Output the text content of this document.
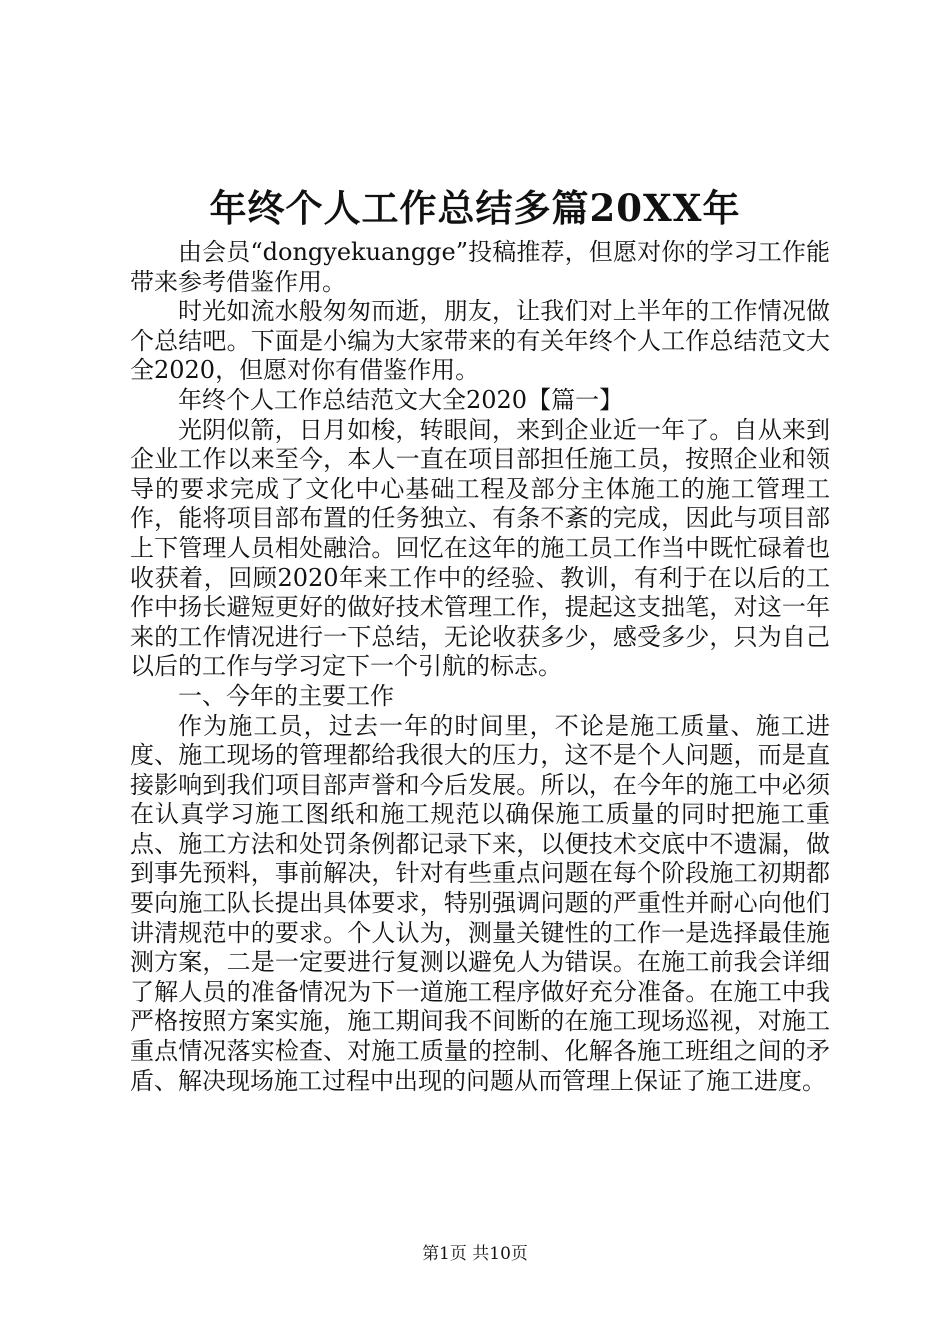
年终个人工作总结多篇20XX年

由会员“dongyekuangge”投稿推荐，但愿对你的学习工作能带来参考借鉴作用。

时光如流水般匆匆而逝，朋友，让我们对上半年的工作情况做个总结吧。下面是小编为大家带来的有关年终个人工作总结范文大全2020，但愿对你有借鉴作用。

年终个人工作总结范文大全2020【篇一】

光阴似箭，日月如梭，转眼间，来到企业近一年了。自从来到企业工作以来至今，本人一直在项目部担任施工员，按照企业和领导的要求完成了文化中心基础工程及部分主体施工的施工管理工作，能将项目部布置的任务独立、有条不紊的完成，因此与项目部上下管理人员相处融洽。回忆在这年的施工员工作当中既忙碌着也收获着，回顾2020年来工作中的经验、教训，有利于在以后的工作中扬长避短更好的做好技术管理工作，提起这支拙笔，对这一年来的工作情况进行一下总结，无论收获多少，感受多少，只为自己以后的工作与学习定下一个引航的标志。

一、今年的主要工作

作为施工员，过去一年的时间里，不论是施工质量、施工进度、施工现场的管理都给我很大的压力，这不是个人问题，而是直接影响到我们项目部声誉和今后发展。所以，在今年的施工中必须在认真学习施工图纸和施工规范以确保施工质量的同时把施工重点、施工方法和处罚条例都记录下来，以便技术交底中不遗漏，做到事先预料，事前解决，针对有些重点问题在每个阶段施工初期都要向施工队长提出具体要求，特别强调问题的严重性并耐心向他们讲清规范中的要求。个人认为，测量关键性的工作一是选择最佳施测方案，二是一定要进行复测以避免人为错误。在施工前我会详细了解人员的准备情况为下一道施工程序做好充分准备。在施工中我严格按照方案实施，施工期间我不间断的在施工现场巡视，对施工重点情况落实检查、对施工质量的控制、化解各施工班组之间的矛盾、解决现场施工过程中出现的问题从而管理上保证了施工进度。

第1页 共10页
